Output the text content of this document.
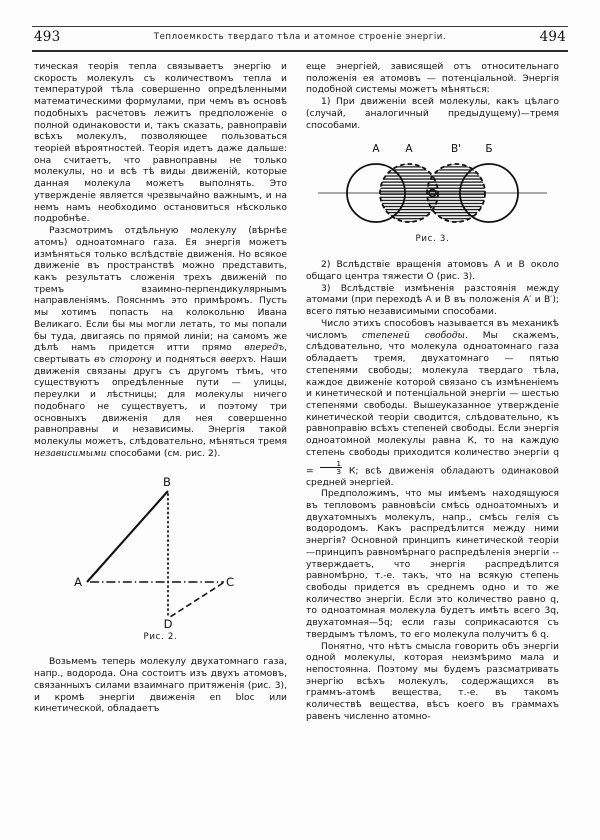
493	Теплоемкость твердаго тѣла и атомное строеніе энергіи.	494

тическая теорія тепла связываетъ энергію и скорость молекулъ съ количествомъ тепла и температурой тѣла совершенно опредѣленными математическими формулами, при чемъ въ основѣ подобныхъ расчетовъ лежитъ предположеніе о полной одинаковости и, такъ сказать, равноправіи всѣхъ молекулъ, позволяющее пользоваться теоріей вѣроятностей. Теорія идетъ даже дальше: она считаетъ, что равноправны не только молекулы, но и всѣ тѣ виды движеній, которые данная молекула можетъ выполнять. Это утвержденіе является чрезвычайно важнымъ, и на немъ намъ необходимо остановиться нѣсколько подробнѣе.

Разсмотримъ отдѣльную молекулу (вѣрнѣе атомъ) одноатомнаго газа. Ея энергія можетъ измѣняться только вслѣдствіе движенія. Но всякое движеніе въ пространствѣ можно представить, какъ результатъ сложенія трехъ движеній по тремъ взаимно-перпендикулярнымъ направленіямъ. Поясннмъ это примѣромъ. Пусть мы хотимъ попасть на колокольню Ивана Великаго. Если бы мы могли летать, то мы попали бы туда, двигаясь по прямой линіи; на самомъ же дѣлѣ намъ придется итти прямо впередъ, свертывать въ сторону и подняться вверхъ. Наши движенія связаны другъ съ другомъ тѣмъ, что существуютъ опредѣленные пути — улицы, переулки и лѣстницы; для молекулы ничего подобнаго не существуетъ, и поэтому три основныхъ движенія для нея совершенно равноправны и независимы. Энергія такой молекулы можетъ, слѣдовательно, мѣняться тремя независимыми способами (см. рис. 2).

B
A	C
D
Рис. 2.

Возьмемъ теперь молекулу двухатомнаго газа, напр., водорода. Она состоитъ изъ двухъ атомовъ, связанныхъ силами взаимнаго притяженія (рис. 3), и кромѣ энергіи движенія en bloc или кинетической, обладаетъ

еще энергіей, зависящей отъ относительнаго положенія ея атомовъ — потенціальной. Энергія подобной системы можетъ мѣняться:

1) При движеніи всей молекулы, какъ цѣлаго (случай, аналогичный предыдущему)—тремя способами.

A A	B' Б
Рис. 3.

2) Вслѣдствіе вращенія атомовъ А и В около общаго центра тяжести О (рис. 3).

3) Вслѣдствіе измѣненія разстоянія между атомами (при переходѣ А и В въ положенія А′ и В′); всего пятью независимыми способами.

Число этихъ способовъ называется въ механикѣ числомъ степеней свободы. Мы скажемъ, слѣдовательно, что молекула одноатомнаго газа обладаетъ тремя, двухатомнаго — пятью степенями свободы; молекула твердаго тѣла, каждое движеніе которой связано съ измѣненіемъ и кинетической и потенціальной энергіи — шестью степенями свободы. Вышеуказанное утвержденіе кинетической теоріи сводится, слѣдовательно, къ равноправію всѣхъ степеней свободы. Если энергія одноатомной молекулы равна К, то на каждую степень свободы приходится количество энергіи $q = \frac{1}{3} К$; всѣ движенія обладаютъ одинаковой средней энергіей.

Предположимъ, что мы имѣемъ находящуюся въ тепловомъ равновѣсіи смѣсь одноатомныхъ и двухатомныхъ молекулъ, напр., смѣсь гелія съ водородомъ. Какъ распредѣлится между ними энергія? Основной принципъ кинетической теоріи—принципъ равномѣрнаго распредѣленія энергіи -- утверждаетъ, что энергія распредѣлится равномѣрно, т.-е. такъ, что на всякую степень свободы придется въ среднемъ одно и то же количество энергіи. Если это количество равно q, то одноатомная молекула будетъ имѣть всего 3q, двухатомная—5q; если газы соприкасаются съ твердымъ тѣломъ, то его молекула получитъ 6 q.

Понятно, что нѣтъ смысла говорить объ энергіи одной молекулы, которая неизмѣримо мала и непостоянна. Поэтому мы будемъ разсматривать энергію всѣхъ молекулъ, содержащихся въ граммъ-атомѣ вещества, т.-е. въ такомъ количествѣ вещества, вѣсъ коего въ граммахъ равенъ численно атомно-
